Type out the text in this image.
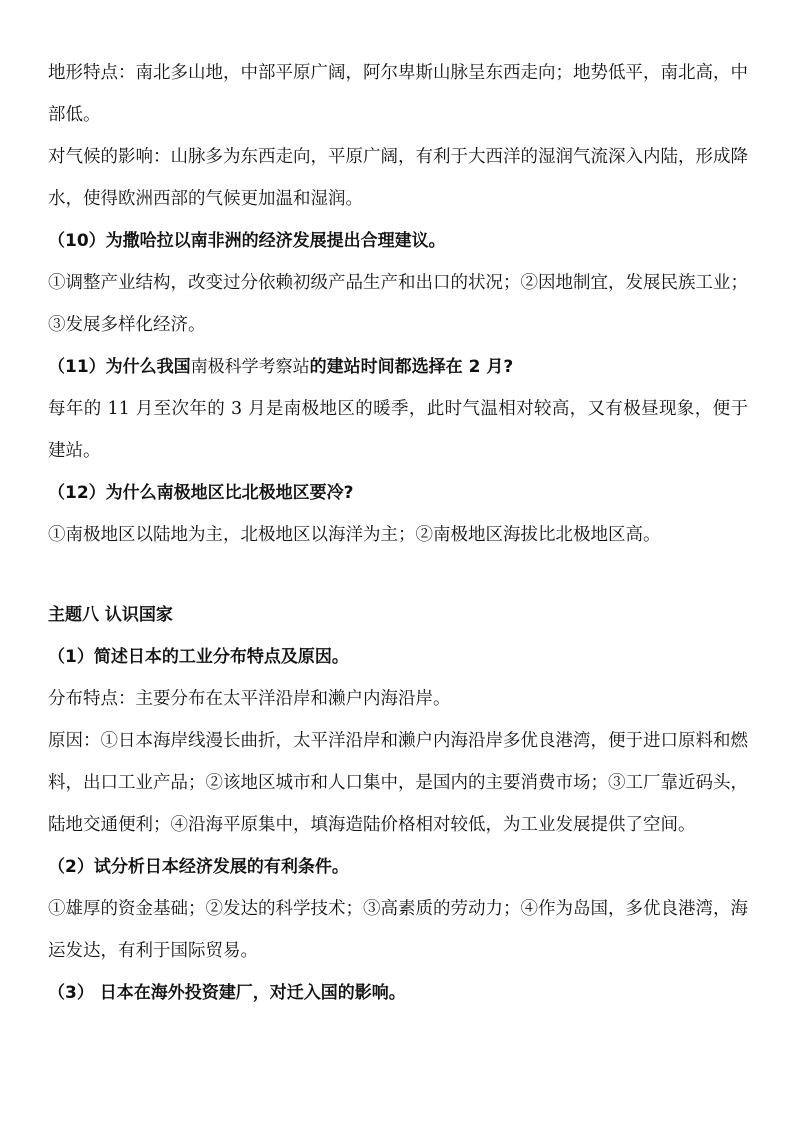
地形特点：南北多山地，中部平原广阔，阿尔卑斯山脉呈东西走向；地势低平，南北高，中部低。

对气候的影响：山脉多为东西走向，平原广阔，有利于大西洋的湿润气流深入内陆，形成降水，使得欧洲西部的气候更加温和湿润。

（10）为撒哈拉以南非洲的经济发展提出合理建议。

①调整产业结构，改变过分依赖初级产品生产和出口的状况；②因地制宜，发展民族工业；③发展多样化经济。

（11）为什么我国南极科学考察站的建站时间都选择在 2 月?

每年的 11 月至次年的 3 月是南极地区的暖季，此时气温相对较高，又有极昼现象，便于建站。

（12）为什么南极地区比北极地区要冷?

①南极地区以陆地为主，北极地区以海洋为主；②南极地区海拔比北极地区高。

主题八 认识国家

（1）简述日本的工业分布特点及原因。

分布特点：主要分布在太平洋沿岸和濑户内海沿岸。

原因：①日本海岸线漫长曲折，太平洋沿岸和濑户内海沿岸多优良港湾，便于进口原料和燃料，出口工业产品；②该地区城市和人口集中，是国内的主要消费市场；③工厂靠近码头，陆地交通便利；④沿海平原集中，填海造陆价格相对较低，为工业发展提供了空间。

（2）试分析日本经济发展的有利条件。

①雄厚的资金基础；②发达的科学技术；③高素质的劳动力；④作为岛国，多优良港湾，海运发达，有利于国际贸易。

（3） 日本在海外投资建厂，对迁入国的影响。
